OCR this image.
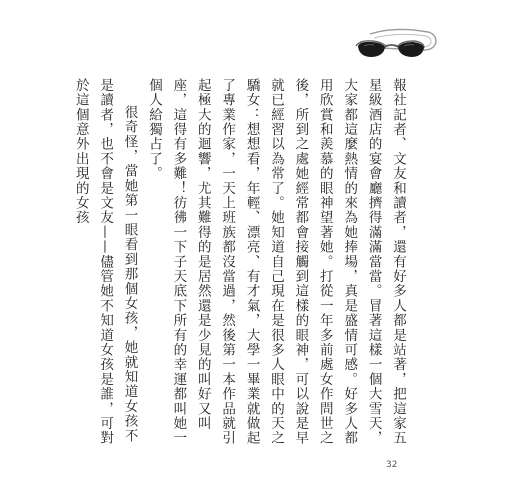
報社記者、文友和讀者，還有好多人都是站著，把這家五星級酒店的宴會廳擠得滿滿當當。冒著這樣一個大雪天，大家都這麼熱情的來為她捧場，真是盛情可感。好多人都用欣賞和羨慕的眼神望著她。打從一年多前處女作問世之後，所到之處她經常都會接觸到這樣的眼神，可以說是早就已經習以為常了。她知道自己現在是很多人眼中的天之驕女：想想看，年輕、漂亮、有才氣，大學一畢業就做起了專業作家，一天上班族都沒當過，然後第一本作品就引起極大的迴響，尤其難得的是居然還是少見的叫好又叫座，這得有多難！彷彿一下子天底下所有的幸運都叫她一個人給獨占了。

很奇怪，當她第一眼看到那個女孩，她就知道女孩不是讀者，也不會是文友——儘管她不知道女孩是誰，可對於這個意外出現的女孩

32
